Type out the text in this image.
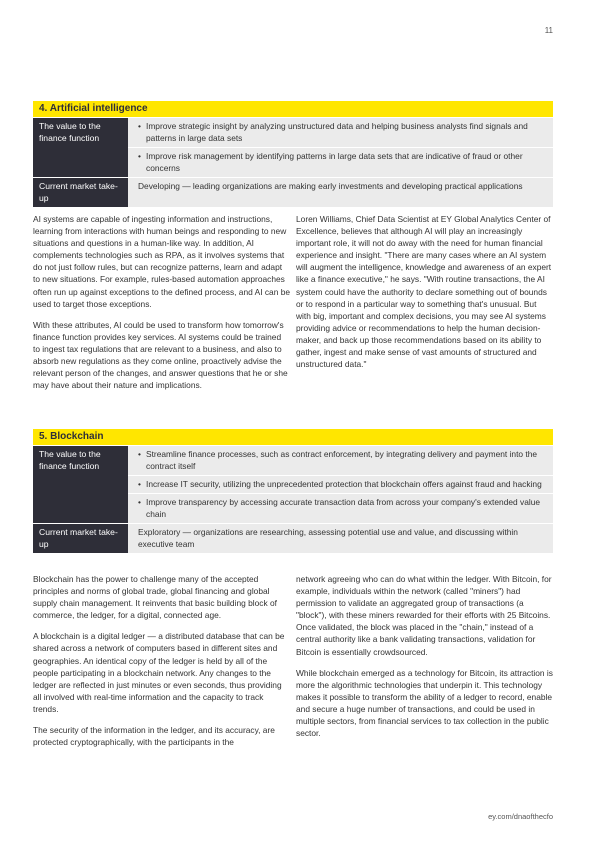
11
4. Artificial intelligence
The value to the finance function
• Improve strategic insight by analyzing unstructured data and helping business analysts find signals and patterns in large data sets
• Improve risk management by identifying patterns in large data sets that are indicative of fraud or other concerns
Current market take-up
Developing — leading organizations are making early investments and developing practical applications

AI systems are capable of ingesting information and instructions, learning from interactions with human beings and responding to new situations and questions in a human-like way. In addition, AI complements technologies such as RPA, as it involves systems that do not just follow rules, but can recognize patterns, learn and adapt to new situations. For example, rules-based automation approaches often run up against exceptions to the defined process, and AI can be used to target those exceptions.

With these attributes, AI could be used to transform how tomorrow's finance function provides key services. AI systems could be trained to ingest tax regulations that are relevant to a business, and also to absorb new regulations as they come online, proactively advise the relevant person of the changes, and answer questions that he or she may have about their nature and implications.

Loren Williams, Chief Data Scientist at EY Global Analytics Center of Excellence, believes that although AI will play an increasingly important role, it will not do away with the need for human financial experience and insight. "There are many cases where an AI system will augment the intelligence, knowledge and awareness of an expert like a finance executive," he says. "With routine transactions, the AI system could have the authority to declare something out of bounds or to respond in a particular way to something that's unusual. But with big, important and complex decisions, you may see AI systems providing advice or recommendations to help the human decision-maker, and back up those recommendations based on its ability to gather, ingest and make sense of vast amounts of structured and unstructured data."

5. Blockchain
The value to the finance function
• Streamline finance processes, such as contract enforcement, by integrating delivery and payment into the contract itself
• Increase IT security, utilizing the unprecedented protection that blockchain offers against fraud and hacking
• Improve transparency by accessing accurate transaction data from across your company's extended value chain
Current market take-up
Exploratory — organizations are researching, assessing potential use and value, and discussing within executive team

Blockchain has the power to challenge many of the accepted principles and norms of global trade, global financing and global supply chain management. It reinvents that basic building block of commerce, the ledger, for a digital, connected age.

A blockchain is a digital ledger — a distributed database that can be shared across a network of computers based in different sites and geographies. An identical copy of the ledger is held by all of the people participating in a blockchain network. Any changes to the ledger are reflected in just minutes or even seconds, thus providing all involved with real-time information and the capacity to track trends.

The security of the information in the ledger, and its accuracy, are protected cryptographically, with the participants in the

network agreeing who can do what within the ledger. With Bitcoin, for example, individuals within the network (called "miners") had permission to validate an aggregated group of transactions (a "block"), with these miners rewarded for their efforts with 25 Bitcoins. Once validated, the block was placed in the "chain," instead of a central authority like a bank validating transactions, validation for Bitcoin is essentially crowdsourced.

While blockchain emerged as a technology for Bitcoin, its attraction is more the algorithmic technologies that underpin it. This technology makes it possible to transform the ability of a ledger to record, enable and secure a huge number of transactions, and could be used in multiple sectors, from financial services to tax collection in the public sector.

ey.com/dnaofthecfo
